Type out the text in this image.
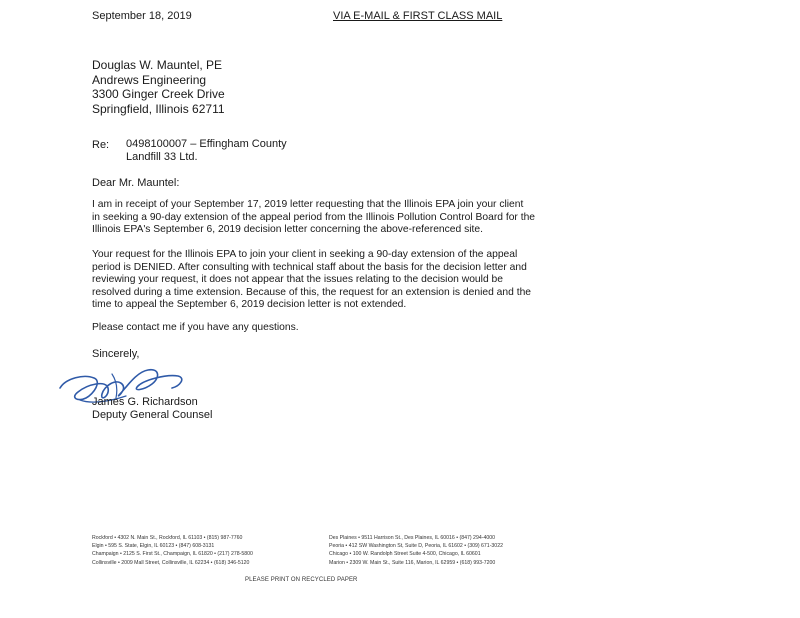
September 18, 2019	VIA E-MAIL & FIRST CLASS MAIL
Douglas W. Mauntel, PE
Andrews Engineering
3300 Ginger Creek Drive
Springfield, Illinois 62711
Re: 0498100007 – Effingham County
Landfill 33 Ltd.
Dear Mr. Mauntel:
I am in receipt of your September 17, 2019 letter requesting that the Illinois EPA join your client
in seeking a 90-day extension of the appeal period from the Illinois Pollution Control Board for the
Illinois EPA's September 6, 2019 decision letter concerning the above-referenced site.
Your request for the Illinois EPA to join your client in seeking a 90-day extension of the appeal
period is DENIED. After consulting with technical staff about the basis for the decision letter and
reviewing your request, it does not appear that the issues relating to the decision would be
resolved during a time extension. Because of this, the request for an extension is denied and the
time to appeal the September 6, 2019 decision letter is not extended.
Please contact me if you have any questions.
Sincerely,
James G. Richardson
Deputy General Counsel
Rockford • 4302 N. Main St., Rockford, IL 61103 • (815) 987-7760
Elgin • 595 S. State, Elgin, IL 60123 • (847) 608-3131
Champaign • 2125 S. First St., Champaign, IL 61820 • (217) 278-5800
Collinsville • 2009 Mall Street, Collinsville, IL 62234 • (618) 346-5120
Des Plaines • 9511 Harrison St., Des Plaines, IL 60016 • (847) 294-4000
Peoria • 412 SW Washington St, Suite D, Peoria, IL 61602 • (309) 671-3022
Chicago • 100 W. Randolph Street Suite 4-500, Chicago, IL 60601
Marion • 2309 W. Main St., Suite 116, Marion, IL 62959 • (618) 993-7200
PLEASE PRINT ON RECYCLED PAPER
